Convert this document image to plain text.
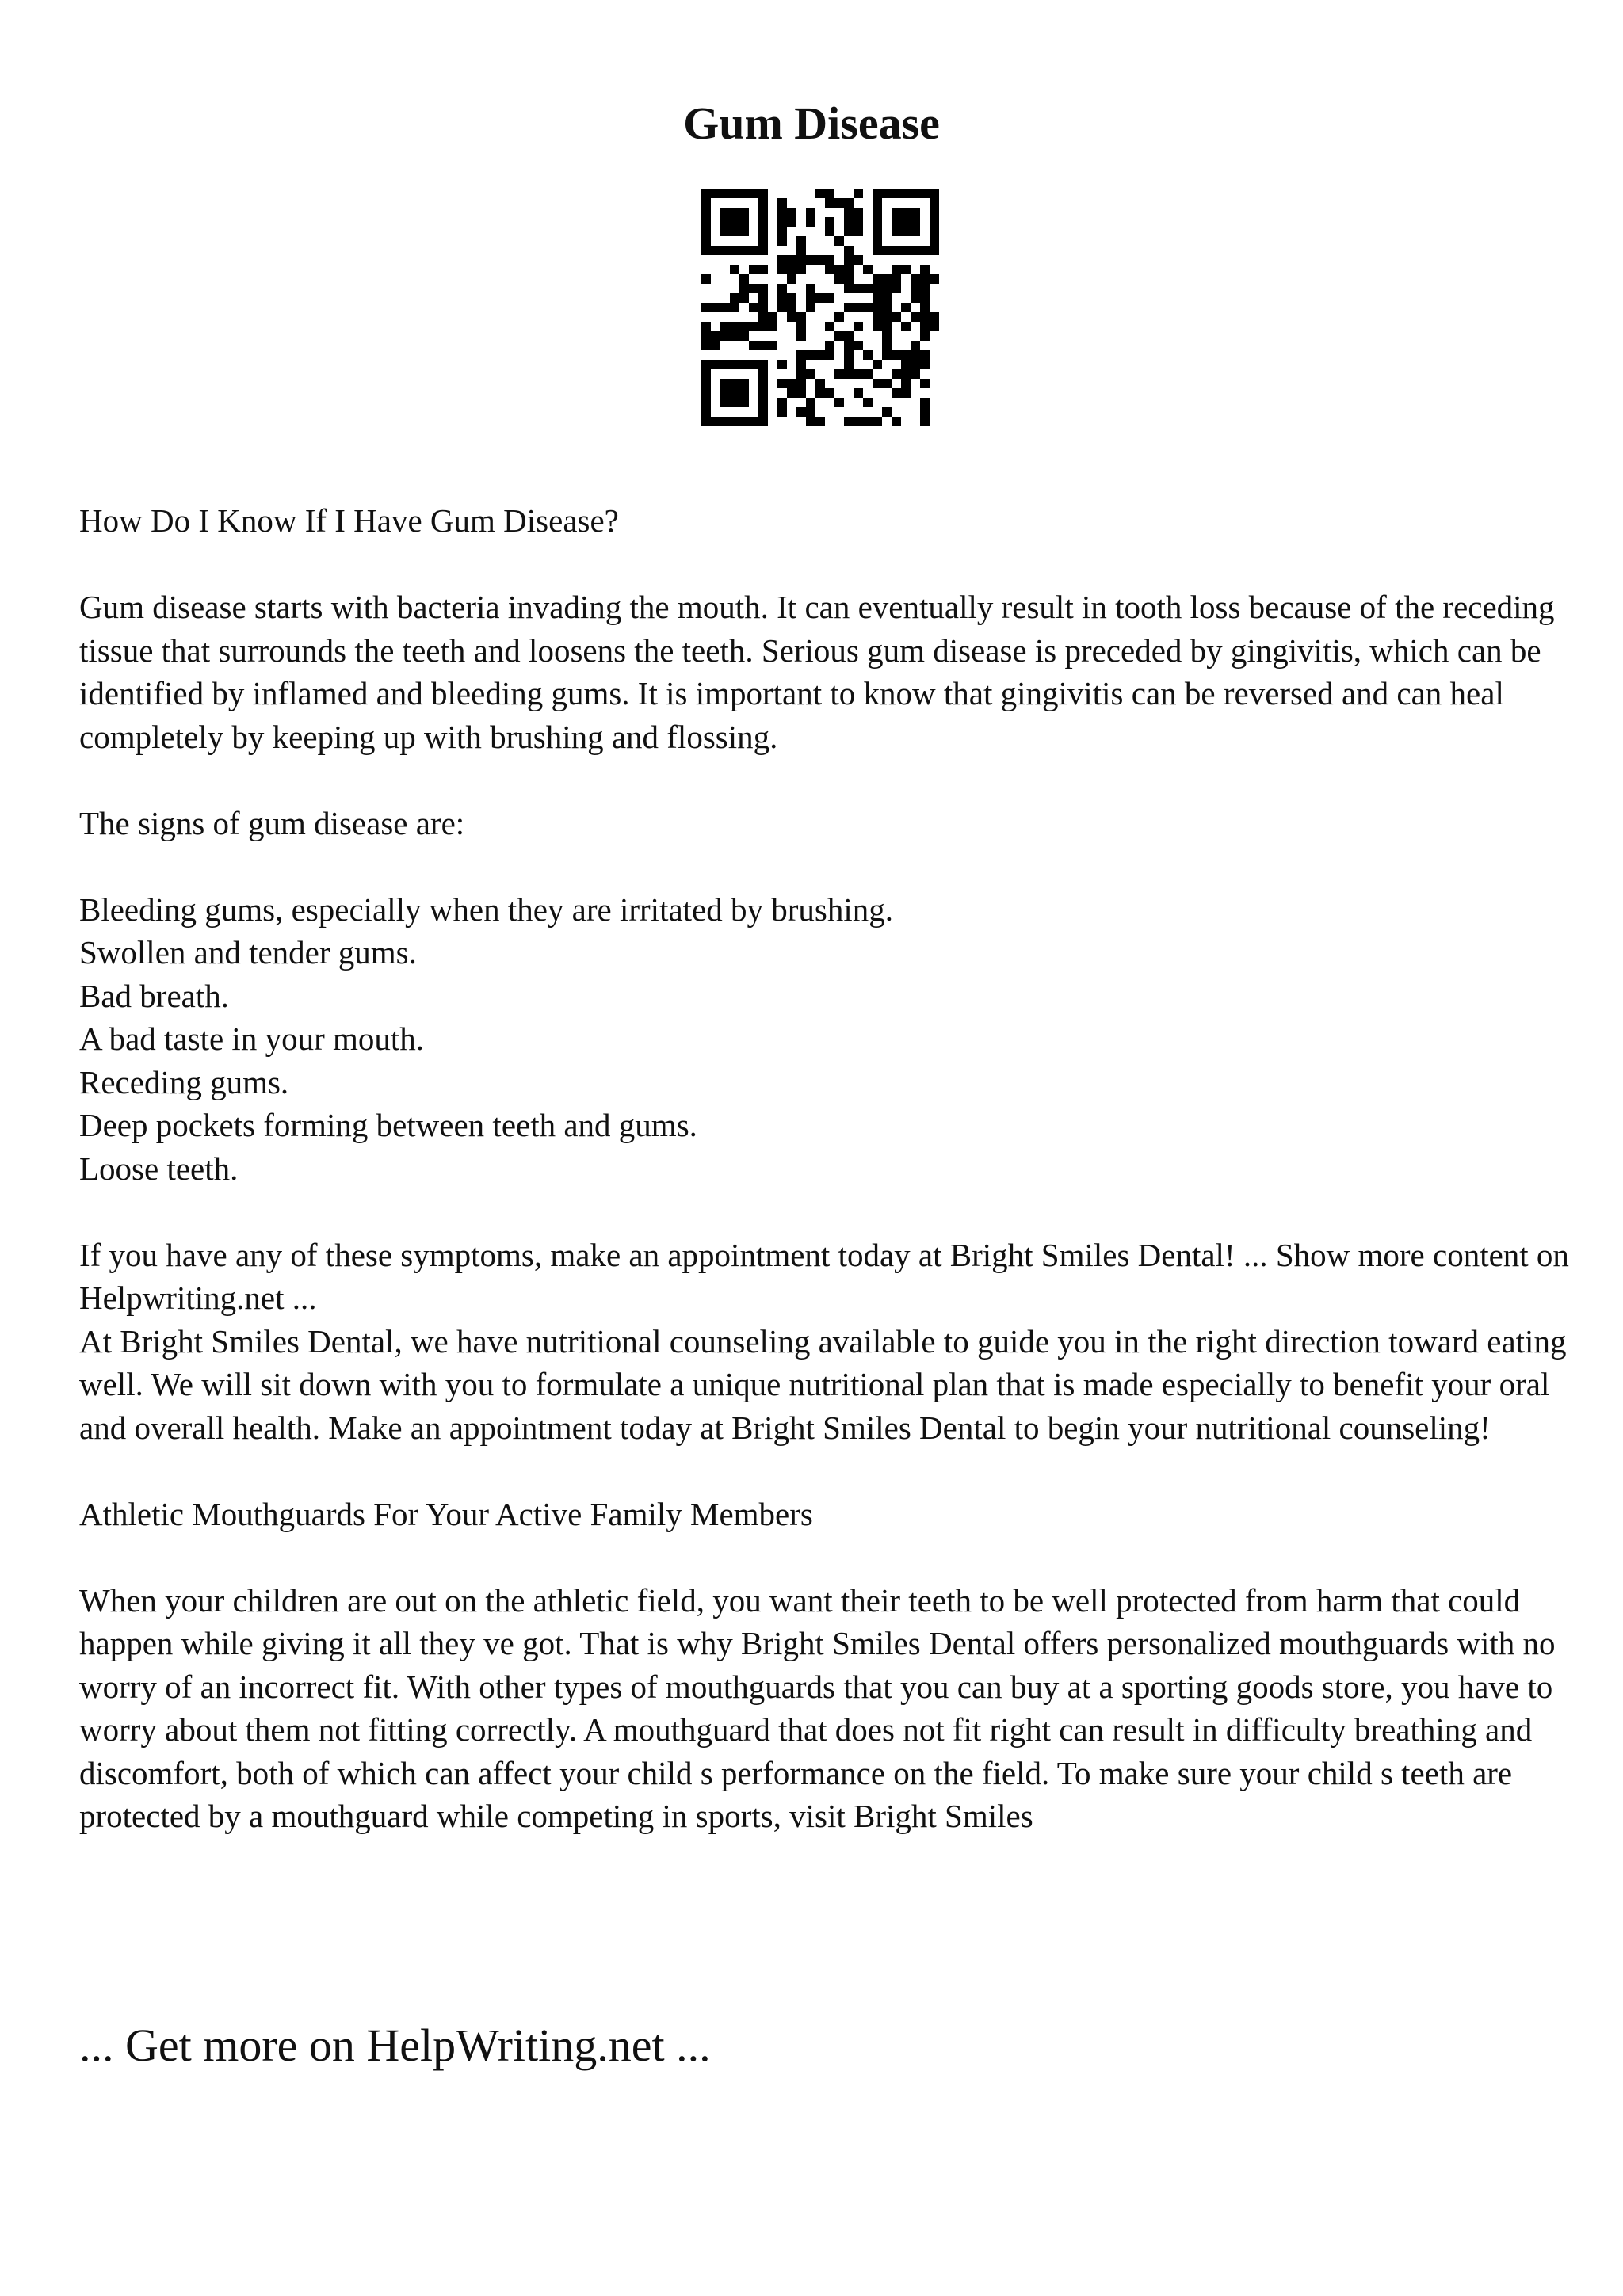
Gum Disease

How Do I Know If I Have Gum Disease?

Gum disease starts with bacteria invading the mouth. It can eventually result in tooth loss because of the receding tissue that surrounds the teeth and loosens the teeth. Serious gum disease is preceded by gingivitis, which can be identified by inflamed and bleeding gums. It is important to know that gingivitis can be reversed and can heal completely by keeping up with brushing and flossing.

The signs of gum disease are:

Bleeding gums, especially when they are irritated by brushing.

Swollen and tender gums.

Bad breath.

A bad taste in your mouth.

Receding gums.

Deep pockets forming between teeth and gums.

Loose teeth.

If you have any of these symptoms, make an appointment today at Bright Smiles Dental! ... Show more content on Helpwriting.net ...

At Bright Smiles Dental, we have nutritional counseling available to guide you in the right direction toward eating well. We will sit down with you to formulate a unique nutritional plan that is made especially to benefit your oral and overall health. Make an appointment today at Bright Smiles Dental to begin your nutritional counseling!

Athletic Mouthguards For Your Active Family Members

When your children are out on the athletic field, you want their teeth to be well protected from harm that could happen while giving it all they ve got. That is why Bright Smiles Dental offers personalized mouthguards with no worry of an incorrect fit. With other types of mouthguards that you can buy at a sporting goods store, you have to worry about them not fitting correctly. A mouthguard that does not fit right can result in difficulty breathing and discomfort, both of which can affect your child s performance on the field. To make sure your child s teeth are protected by a mouthguard while competing in sports, visit Bright Smiles

... Get more on HelpWriting.net ...
